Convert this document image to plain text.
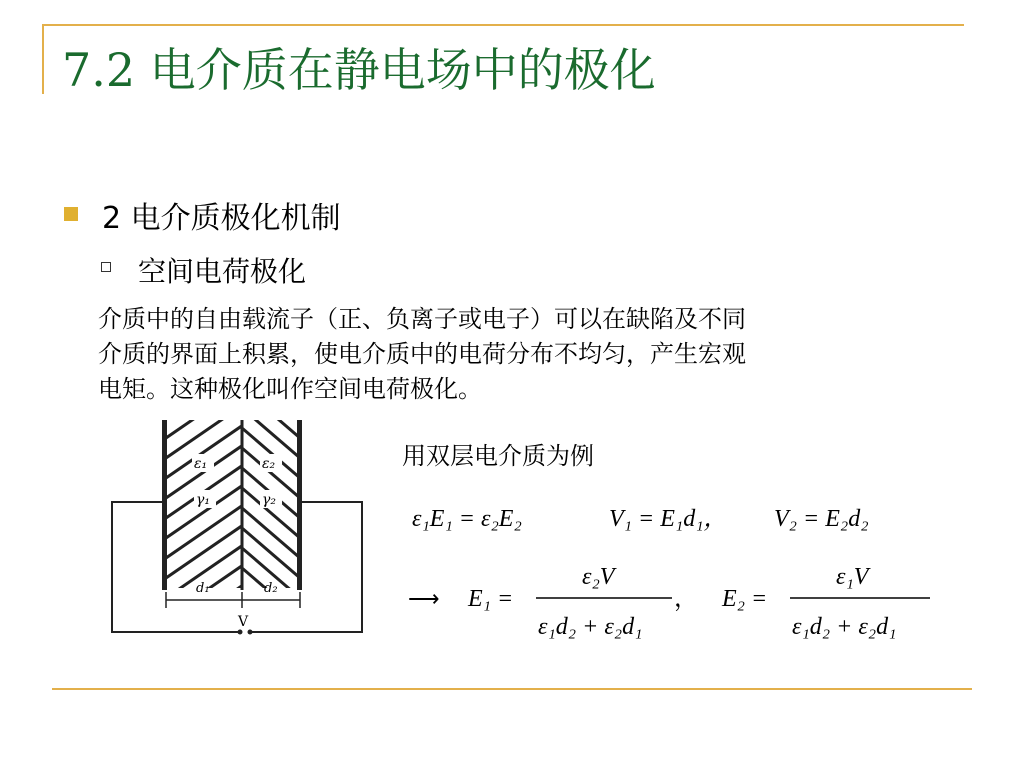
7.2 电介质在静电场中的极化
2 电介质极化机制
空间电荷极化
介质中的自由载流子（正、负离子或电子）可以在缺陷及不同
介质的界面上积累，使电介质中的电荷分布不均匀，产生宏观
电矩。这种极化叫作空间电荷极化。
用双层电介质为例
ε₁	ε₂
γ₁	γ₂
V
d₁	d₂
ε₁E₁ = ε₂E₂	V₁ = E₁d₁， V₂ = E₂d₂
⟶ E₁ =
ε₂V
ε₁d₂ + ε₂d₁
， E₂ =
ε₁V
ε₁d₂ + ε₂d₁
